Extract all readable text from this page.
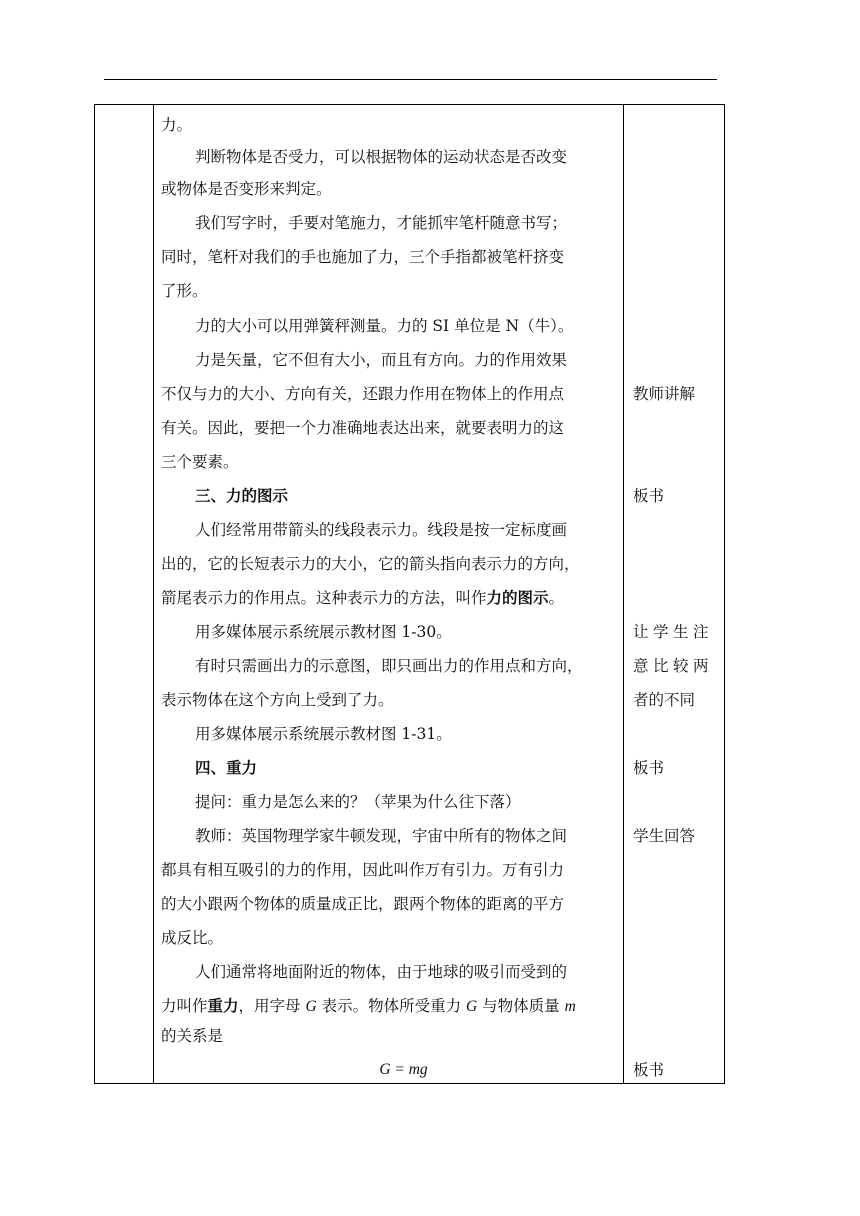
力。
判断物体是否受力，可以根据物体的运动状态是否改变
或物体是否变形来判定。
我们写字时，手要对笔施力，才能抓牢笔杆随意书写；
同时，笔杆对我们的手也施加了力，三个手指都被笔杆挤变
了形。
力的大小可以用弹簧秤测量。力的 SI 单位是 N（牛）。
力是矢量，它不但有大小，而且有方向。力的作用效果
不仅与力的大小、方向有关，还跟力作用在物体上的作用点
有关。因此，要把一个力准确地表达出来，就要表明力的这
三个要素。
三、力的图示
人们经常用带箭头的线段表示力。线段是按一定标度画
出的，它的长短表示力的大小，它的箭头指向表示力的方向，
箭尾表示力的作用点。这种表示力的方法，叫作力的图示。
用多媒体展示系统展示教材图 1-30。
有时只需画出力的示意图，即只画出力的作用点和方向，
表示物体在这个方向上受到了力。
用多媒体展示系统展示教材图 1-31。
四、重力
提问：重力是怎么来的？（苹果为什么往下落）
教师：英国物理学家牛顿发现，宇宙中所有的物体之间
都具有相互吸引的力的作用，因此叫作万有引力。万有引力
的大小跟两个物体的质量成正比，跟两个物体的距离的平方
成反比。
人们通常将地面附近的物体，由于地球的吸引而受到的
力叫作重力，用字母 G 表示。物体所受重力 G 与物体质量 m
的关系是
G = mg
教师讲解
板书
让学生注
意比较两
者的不同
板书
学生回答
板书
